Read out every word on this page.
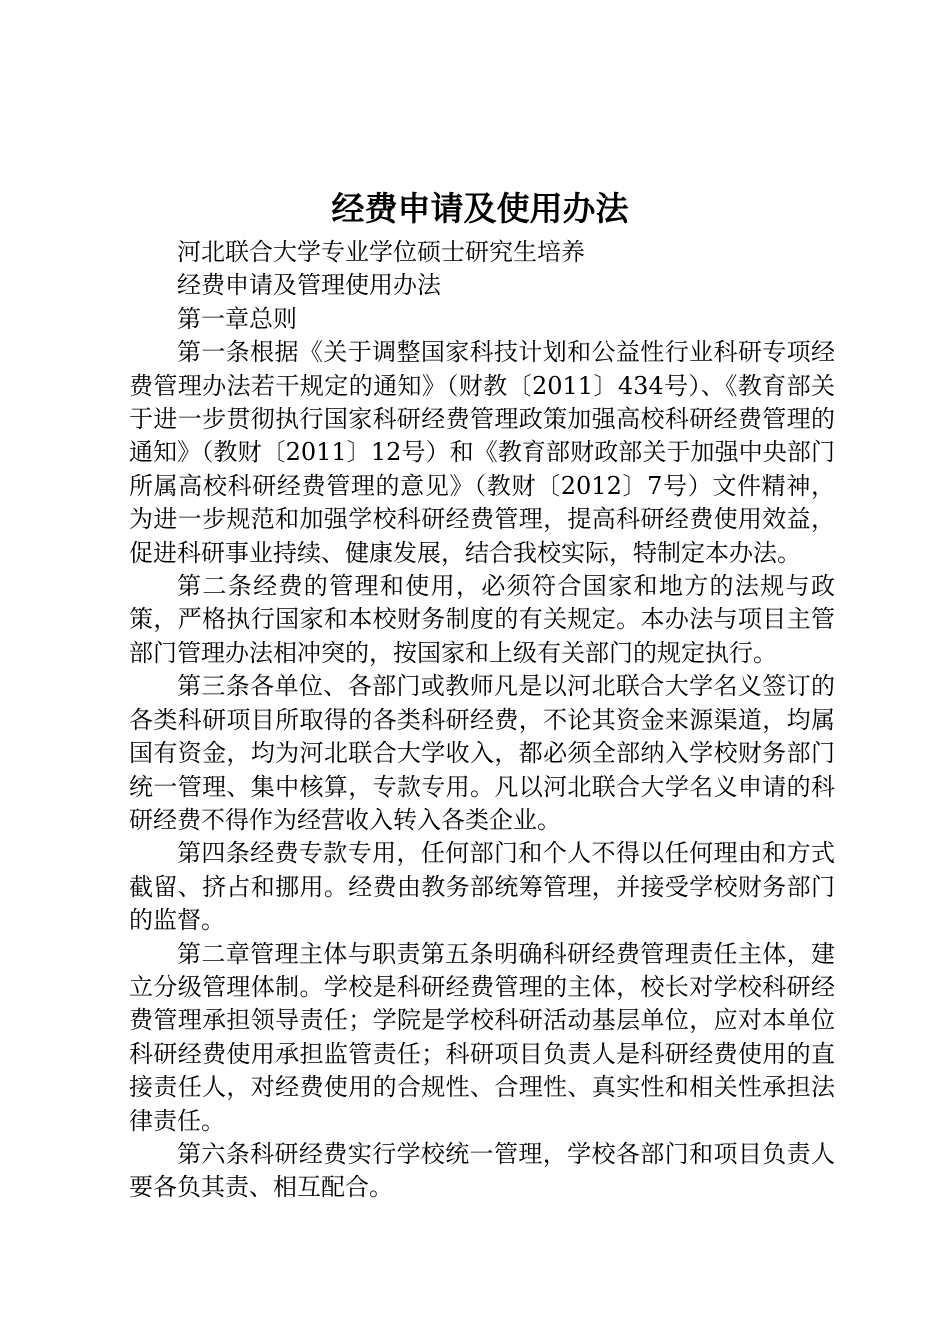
经费申请及使用办法

河北联合大学专业学位硕士研究生培养

经费申请及管理使用办法

第一章总则

第一条根据《关于调整国家科技计划和公益性行业科研专项经费管理办法若干规定的通知》（财教〔2011〕434号）、《教育部关于进一步贯彻执行国家科研经费管理政策加强高校科研经费管理的通知》（教财〔2011〕12号）和《教育部财政部关于加强中央部门所属高校科研经费管理的意见》（教财〔2012〕7号）文件精神，为进一步规范和加强学校科研经费管理，提高科研经费使用效益，促进科研事业持续、健康发展，结合我校实际，特制定本办法。

第二条经费的管理和使用，必须符合国家和地方的法规与政策，严格执行国家和本校财务制度的有关规定。本办法与项目主管部门管理办法相冲突的，按国家和上级有关部门的规定执行。

第三条各单位、各部门或教师凡是以河北联合大学名义签订的各类科研项目所取得的各类科研经费，不论其资金来源渠道，均属国有资金，均为河北联合大学收入，都必须全部纳入学校财务部门统一管理、集中核算，专款专用。凡以河北联合大学名义申请的科研经费不得作为经营收入转入各类企业。

第四条经费专款专用，任何部门和个人不得以任何理由和方式截留、挤占和挪用。经费由教务部统筹管理，并接受学校财务部门的监督。

第二章管理主体与职责第五条明确科研经费管理责任主体，建立分级管理体制。学校是科研经费管理的主体，校长对学校科研经费管理承担领导责任；学院是学校科研活动基层单位，应对本单位科研经费使用承担监管责任；科研项目负责人是科研经费使用的直接责任人，对经费使用的合规性、合理性、真实性和相关性承担法律责任。

第六条科研经费实行学校统一管理，学校各部门和项目负责人要各负其责、相互配合。
